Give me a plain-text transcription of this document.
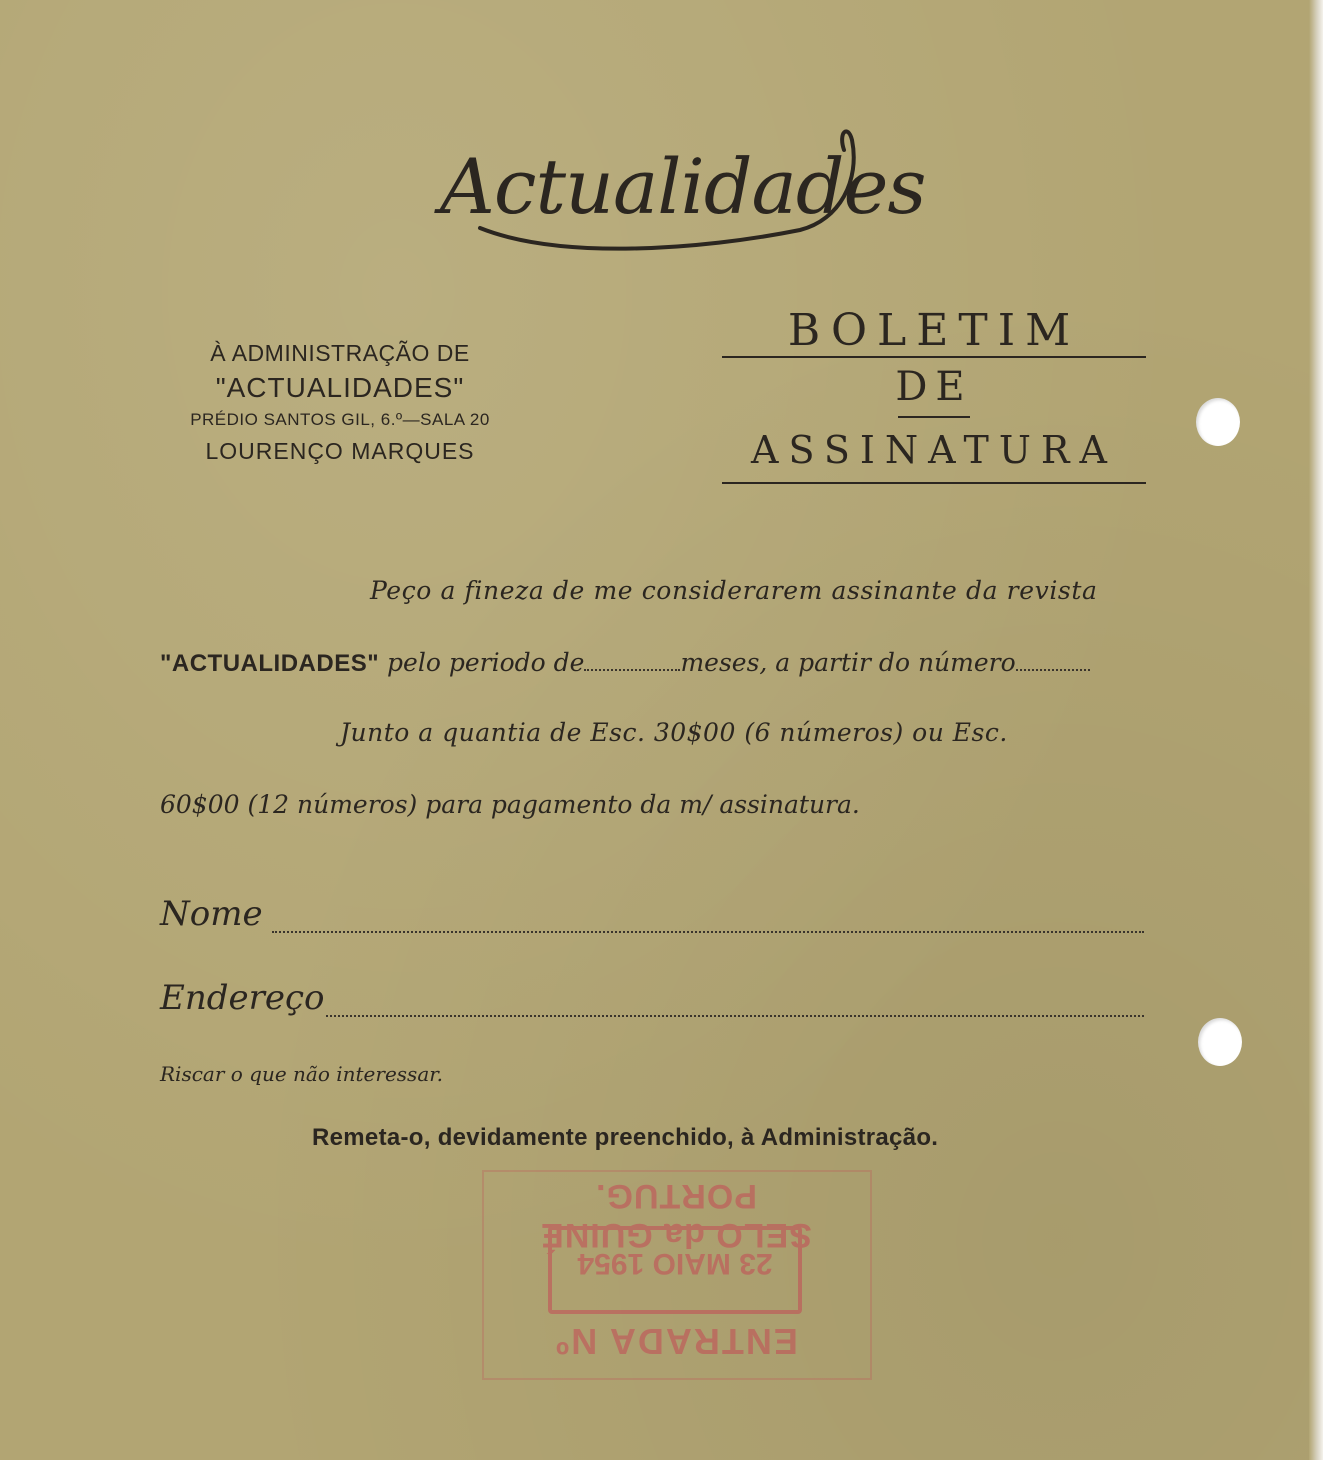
Actualidades
À ADMINISTRAÇÃO DE
"ACTUALIDADES"
PRÉDIO SANTOS GIL, 6.º—SALA 20
LOURENÇO MARQUES
BOLETIM
DE
ASSINATURA
Peço a fineza de me considerarem assinante da revista
"ACTUALIDADES" pelo periodo de	meses, a partir do número
Junto a quantia de Esc. 30$00 (6 números) ou Esc.
60$00 (12 números) para pagamento da m/ assinatura.
Nome
Endereço
Riscar o que não interessar.
Remeta-o, devidamente preenchido, à Administração.
SELO da GUINÉ PORTUG.
23 MAIO 1954
ENTRADA Nº
